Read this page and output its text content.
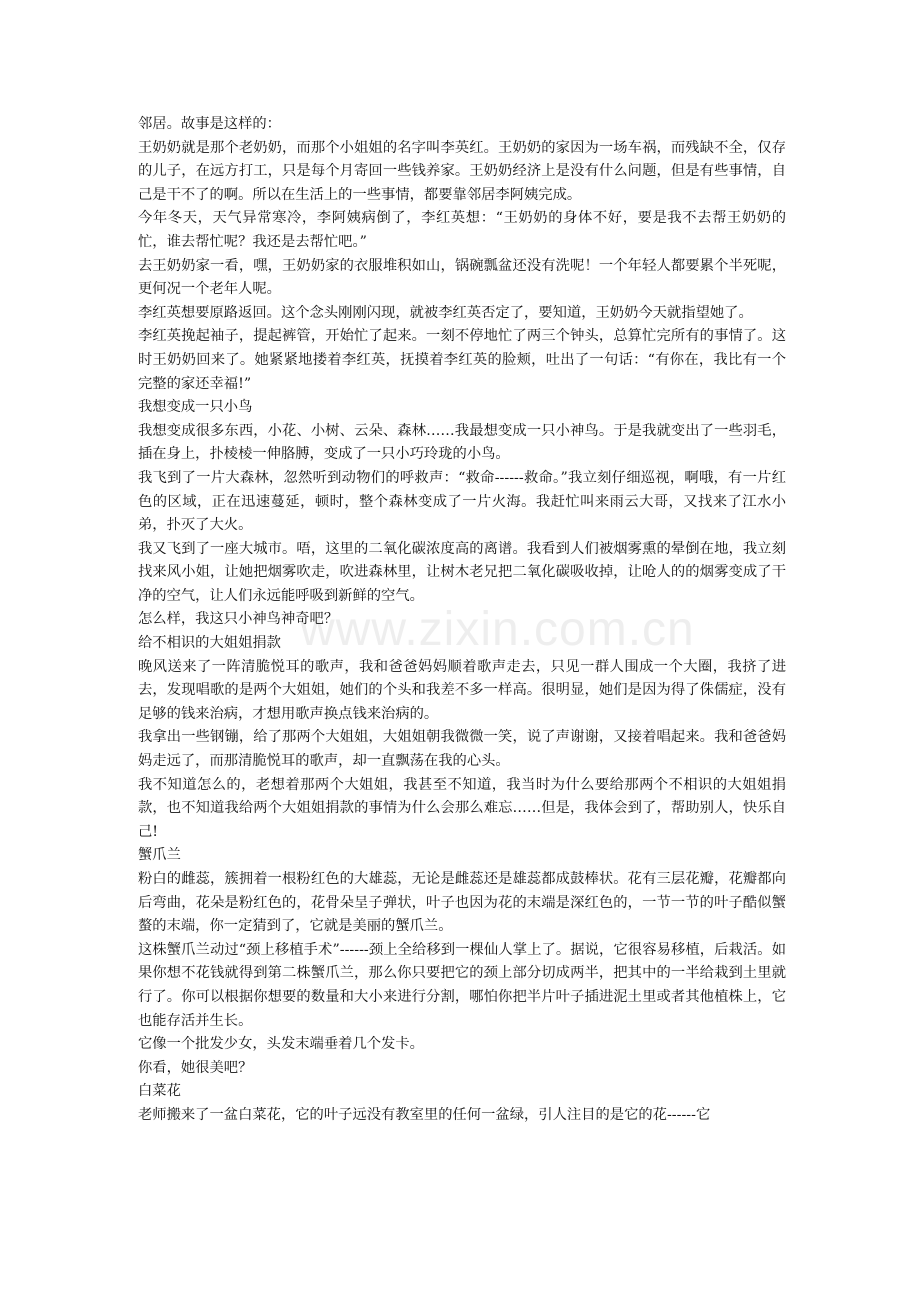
www.zixin.com.cn

邻居。故事是这样的：

王奶奶就是那个老奶奶，而那个小姐姐的名字叫李英红。王奶奶的家因为一场车祸，而残缺不全，仅存的儿子，在远方打工，只是每个月寄回一些钱养家。王奶奶经济上是没有什么问题，但是有些事情，自己是干不了的啊。所以在生活上的一些事情，都要靠邻居李阿姨完成。

今年冬天，天气异常寒冷，李阿姨病倒了，李红英想：“王奶奶的身体不好，要是我不去帮王奶奶的忙，谁去帮忙呢？我还是去帮忙吧。”

去王奶奶家一看，嘿，王奶奶家的衣服堆积如山，锅碗瓢盆还没有洗呢！一个年轻人都要累个半死呢，更何况一个老年人呢。

李红英想要原路返回。这个念头刚刚闪现，就被李红英否定了，要知道，王奶奶今天就指望她了。

李红英挽起袖子，提起裤管，开始忙了起来。一刻不停地忙了两三个钟头，总算忙完所有的事情了。这时王奶奶回来了。她紧紧地搂着李红英，抚摸着李红英的脸颊，吐出了一句话：“有你在，我比有一个完整的家还幸福!”

我想变成一只小鸟

我想变成很多东西，小花、小树、云朵、森林……我最想变成一只小神鸟。于是我就变出了一些羽毛，插在身上，扑棱棱一伸胳膊，变成了一只小巧玲珑的小鸟。

我飞到了一片大森林，忽然听到动物们的呼救声：“救命------救命。”我立刻仔细巡视，啊哦，有一片红色的区域，正在迅速蔓延，顿时，整个森林变成了一片火海。我赶忙叫来雨云大哥，又找来了江水小弟，扑灭了大火。

我又飞到了一座大城市。唔，这里的二氧化碳浓度高的离谱。我看到人们被烟雾熏的晕倒在地，我立刻找来风小姐，让她把烟雾吹走，吹进森林里，让树木老兄把二氧化碳吸收掉，让呛人的的烟雾变成了干净的空气，让人们永远能呼吸到新鲜的空气。

怎么样，我这只小神鸟神奇吧？

给不相识的大姐姐捐款

晚风送来了一阵清脆悦耳的歌声，我和爸爸妈妈顺着歌声走去，只见一群人围成一个大圈，我挤了进去，发现唱歌的是两个大姐姐，她们的个头和我差不多一样高。很明显，她们是因为得了侏儒症，没有足够的钱来治病，才想用歌声换点钱来治病的。

我拿出一些钢镚，给了那两个大姐姐，大姐姐朝我微微一笑，说了声谢谢，又接着唱起来。我和爸爸妈妈走远了，而那清脆悦耳的歌声，却一直飘荡在我的心头。

我不知道怎么的，老想着那两个大姐姐，我甚至不知道，我当时为什么要给那两个不相识的大姐姐捐款，也不知道我给两个大姐姐捐款的事情为什么会那么难忘……但是，我体会到了，帮助别人，快乐自己!

蟹爪兰

粉白的雌蕊，簇拥着一根粉红色的大雄蕊，无论是雌蕊还是雄蕊都成鼓棒状。花有三层花瓣，花瓣都向后弯曲，花朵是粉红色的，花骨朵呈子弹状，叶子也因为花的末端是深红色的，一节一节的叶子酷似蟹螯的末端，你一定猜到了，它就是美丽的蟹爪兰。

这株蟹爪兰动过“颈上移植手术”------颈上全给移到一棵仙人掌上了。据说，它很容易移植，后栽活。如果你想不花钱就得到第二株蟹爪兰，那么你只要把它的颈上部分切成两半，把其中的一半给栽到土里就行了。你可以根据你想要的数量和大小来进行分割，哪怕你把半片叶子插进泥土里或者其他植株上，它也能存活并生长。

它像一个批发少女，头发末端垂着几个发卡。

你看，她很美吧？

白菜花

老师搬来了一盆白菜花，它的叶子远没有教室里的任何一盆绿，引人注目的是它的花------它
